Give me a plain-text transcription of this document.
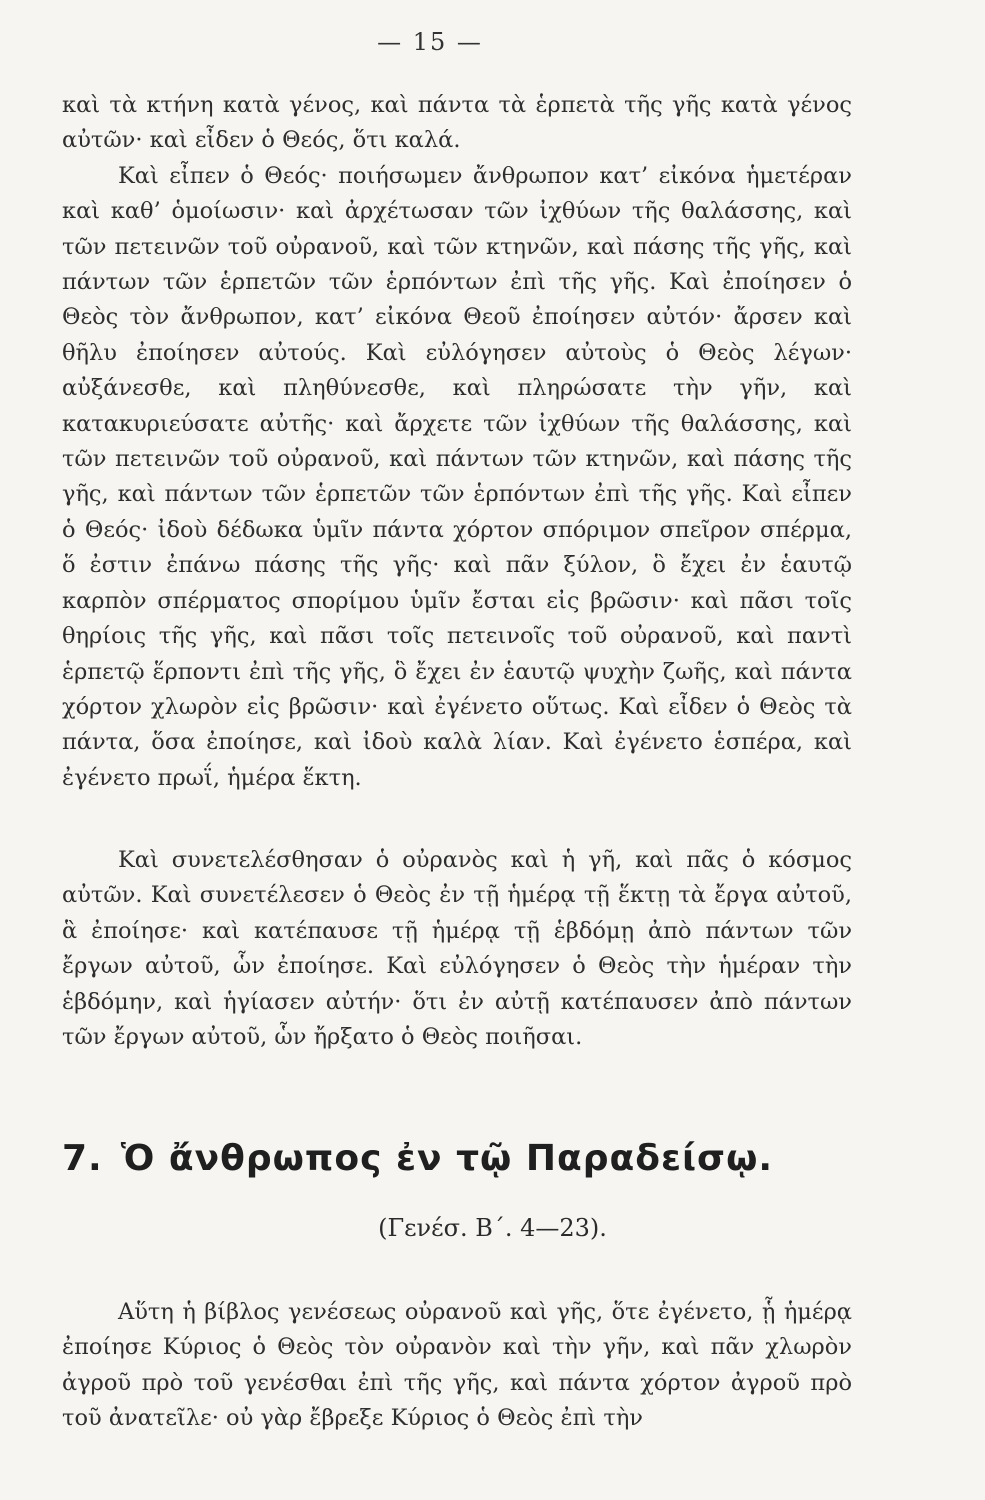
— 15 —

καὶ τὰ κτήνη κατὰ γένος, καὶ πάντα τὰ ἑρπετὰ τῆς γῆς κατὰ γένος αὐτῶν· καὶ εἶδεν ὁ Θεός, ὅτι καλά.

Καὶ εἶπεν ὁ Θεός· ποιήσωμεν ἄνθρωπον κατ’ εἰκόνα ἡμετέραν καὶ καθ’ ὁμοίωσιν· καὶ ἀρχέτωσαν τῶν ἰχθύων τῆς θαλάσσης, καὶ τῶν πετεινῶν τοῦ οὐρανοῦ, καὶ τῶν κτηνῶν, καὶ πάσης τῆς γῆς, καὶ πάντων τῶν ἑρπετῶν τῶν ἑρπόντων ἐπὶ τῆς γῆς. Καὶ ἐποίησεν ὁ Θεὸς τὸν ἄνθρωπον, κατ’ εἰκόνα Θεοῦ ἐποίησεν αὐτόν· ἄρσεν καὶ θῆλυ ἐποίησεν αὐτούς. Καὶ εὐλόγησεν αὐτοὺς ὁ Θεὸς λέγων· αὐξάνεσθε, καὶ πληθύνεσθε, καὶ πληρώσατε τὴν γῆν, καὶ κατακυριεύσατε αὐτῆς· καὶ ἄρχετε τῶν ἰχθύων τῆς θαλάσσης, καὶ τῶν πετεινῶν τοῦ οὐρανοῦ, καὶ πάντων τῶν κτηνῶν, καὶ πάσης τῆς γῆς, καὶ πάντων τῶν ἑρπετῶν τῶν ἑρπόντων ἐπὶ τῆς γῆς. Καὶ εἶπεν ὁ Θεός· ἰδοὺ δέδωκα ὑμῖν πάντα χόρτον σπόριμον σπεῖρον σπέρμα, ὅ ἐστιν ἐπάνω πάσης τῆς γῆς· καὶ πᾶν ξύλον, ὃ ἔχει ἐν ἑαυτῷ καρπὸν σπέρματος σπορίμου ὑμῖν ἔσται εἰς βρῶσιν· καὶ πᾶσι τοῖς θηρίοις τῆς γῆς, καὶ πᾶσι τοῖς πετεινοῖς τοῦ οὐρανοῦ, καὶ παντὶ ἑρπετῷ ἕρποντι ἐπὶ τῆς γῆς, ὃ ἔχει ἐν ἑαυτῷ ψυχὴν ζωῆς, καὶ πάντα χόρτον χλωρὸν εἰς βρῶσιν· καὶ ἐγένετο οὕτως. Καὶ εἶδεν ὁ Θεὸς τὰ πάντα, ὅσα ἐποίησε, καὶ ἰδοὺ καλὰ λίαν. Καὶ ἐγένετο ἑσπέρα, καὶ ἐγένετο πρωΐ, ἡμέρα ἕκτη.

Καὶ συνετελέσθησαν ὁ οὐρανὸς καὶ ἡ γῆ, καὶ πᾶς ὁ κόσμος αὐτῶν. Καὶ συνετέλεσεν ὁ Θεὸς ἐν τῇ ἡμέρᾳ τῇ ἕκτῃ τὰ ἔργα αὐτοῦ, ἃ ἐποίησε· καὶ κατέπαυσε τῇ ἡμέρᾳ τῇ ἑβδόμῃ ἀπὸ πάντων τῶν ἔργων αὐτοῦ, ὧν ἐποίησε. Καὶ εὐλόγησεν ὁ Θεὸς τὴν ἡμέραν τὴν ἑβδόμην, καὶ ἡγίασεν αὐτήν· ὅτι ἐν αὐτῇ κατέπαυσεν ἀπὸ πάντων τῶν ἔργων αὐτοῦ, ὧν ἤρξατο ὁ Θεὸς ποιῆσαι.

7. Ὁ ἄνθρωπος ἐν τῷ Παραδείσῳ.
(Γενέσ. Β΄. 4—23).

Αὕτη ἡ βίβλος γενέσεως οὐρανοῦ καὶ γῆς, ὅτε ἐγένετο, ᾗ ἡμέρᾳ ἐποίησε Κύριος ὁ Θεὸς τὸν οὐρανὸν καὶ τὴν γῆν, καὶ πᾶν χλωρὸν ἀγροῦ πρὸ τοῦ γενέσθαι ἐπὶ τῆς γῆς, καὶ πάντα χόρτον ἀγροῦ πρὸ τοῦ ἀνατεῖλε· οὐ γὰρ ἔβρεξε Κύριος ὁ Θεὸς ἐπὶ τὴν
